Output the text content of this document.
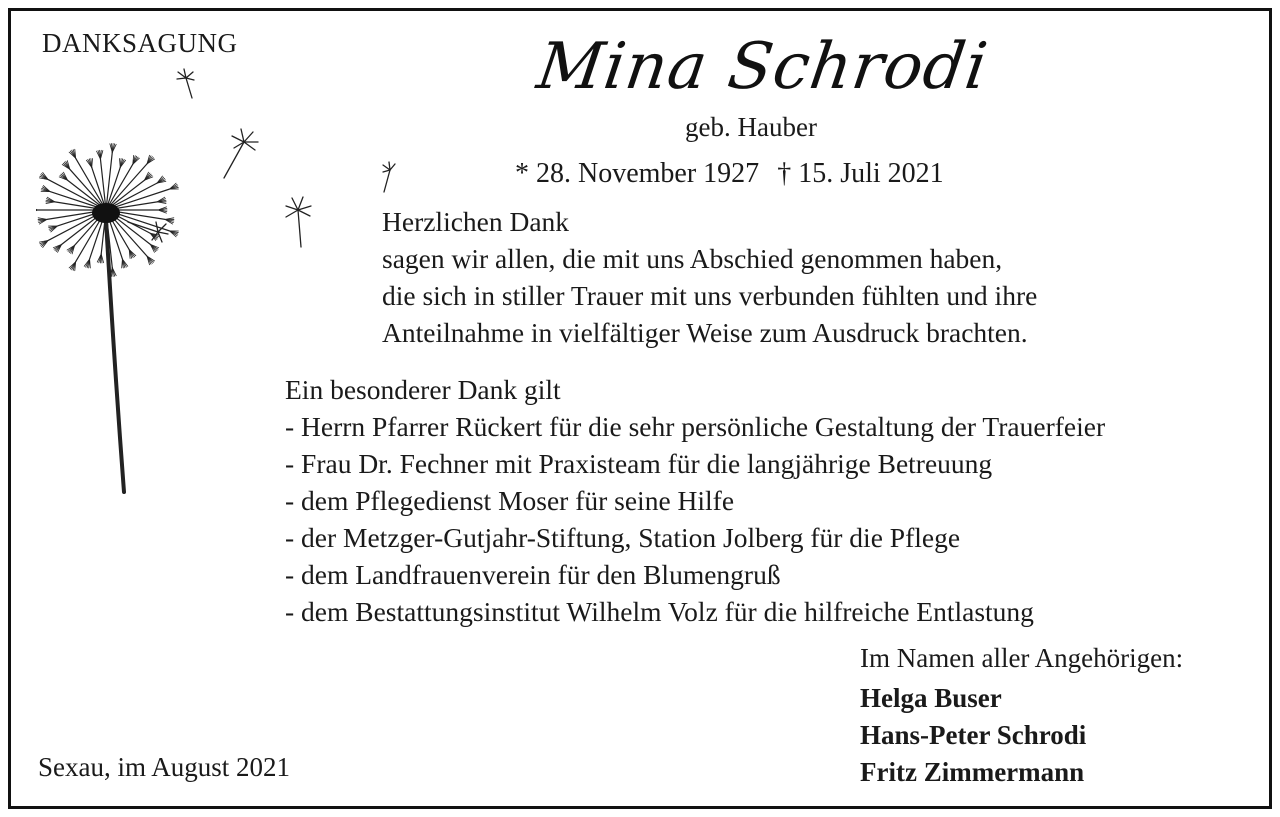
DANKSAGUNG	Mina Schrodi
geb. Hauber
* 28. November 1927 † 15. Juli 2021
Herzlichen Dank
sagen wir allen, die mit uns Abschied genommen haben,
die sich in stiller Trauer mit uns verbunden fühlten und ihre
Anteilnahme in vielfältiger Weise zum Ausdruck brachten.
Ein besonderer Dank gilt
- Herrn Pfarrer Rückert für die sehr persönliche Gestaltung der Trauerfeier
- Frau Dr. Fechner mit Praxisteam für die langjährige Betreuung
- dem Pflegedienst Moser für seine Hilfe
- der Metzger-Gutjahr-Stiftung, Station Jolberg für die Pflege
- dem Landfrauenverein für den Blumengruß
- dem Bestattungsinstitut Wilhelm Volz für die hilfreiche Entlastung
Im Namen aller Angehörigen:
Helga Buser
Hans-Peter Schrodi
Fritz Zimmermann
Sexau, im August 2021
